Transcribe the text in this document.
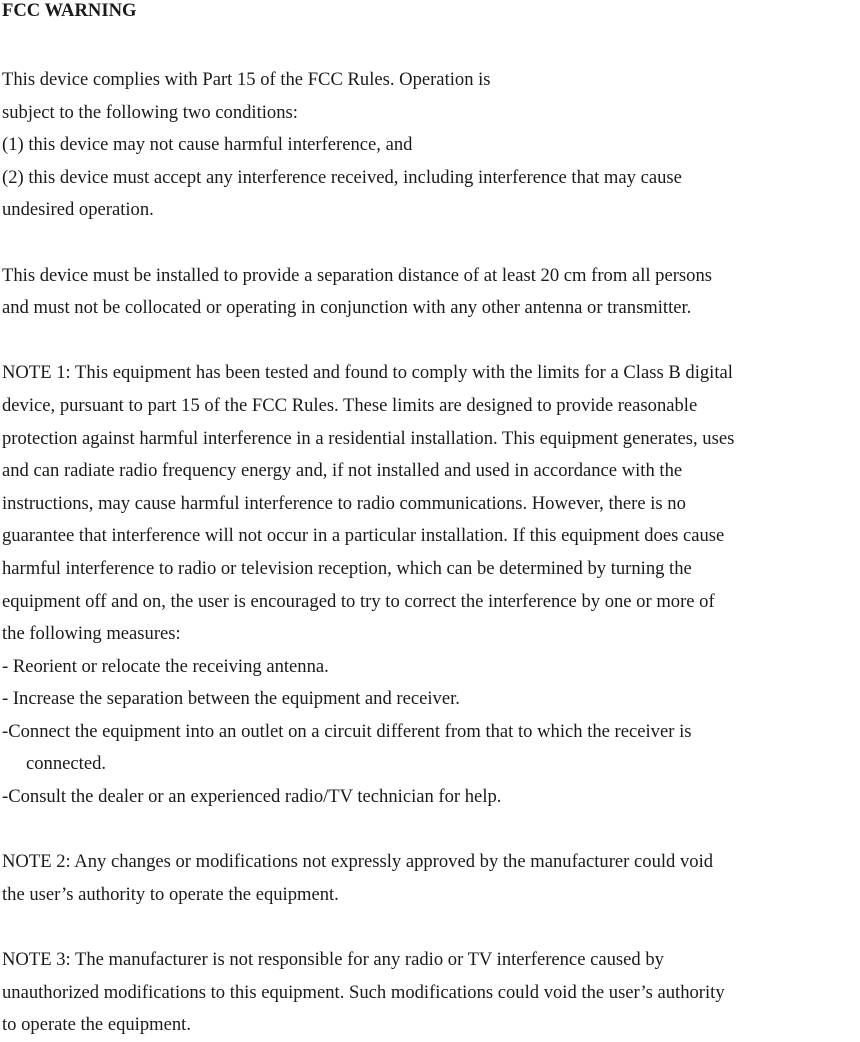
FCC WARNING
This device complies with Part 15 of the FCC Rules. Operation is
subject to the following two conditions:
(1) this device may not cause harmful interference, and
(2) this device must accept any interference received, including interference that may cause
undesired operation.
This device must be installed to provide a separation distance of at least 20 cm from all persons
and must not be collocated or operating in conjunction with any other antenna or transmitter.
NOTE 1: This equipment has been tested and found to comply with the limits for a Class B digital
device, pursuant to part 15 of the FCC Rules. These limits are designed to provide reasonable
protection against harmful interference in a residential installation. This equipment generates, uses
and can radiate radio frequency energy and, if not installed and used in accordance with the
instructions, may cause harmful interference to radio communications. However, there is no
guarantee that interference will not occur in a particular installation. If this equipment does cause
harmful interference to radio or television reception, which can be determined by turning the
equipment off and on, the user is encouraged to try to correct the interference by one or more of
the following measures:
- Reorient or relocate the receiving antenna.
- Increase the separation between the equipment and receiver.
-Connect the equipment into an outlet on a circuit different from that to which the receiver is
connected.
-Consult the dealer or an experienced radio/TV technician for help.
NOTE 2: Any changes or modifications not expressly approved by the manufacturer could void
the user’s authority to operate the equipment.
NOTE 3: The manufacturer is not responsible for any radio or TV interference caused by
unauthorized modifications to this equipment. Such modifications could void the user’s authority
to operate the equipment.
